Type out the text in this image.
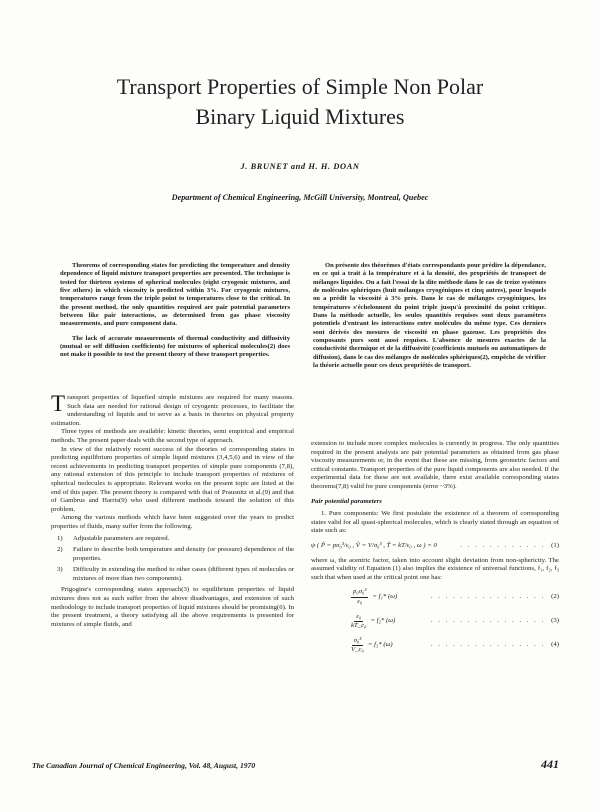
Transport Properties of Simple Non Polar
Binary Liquid Mixtures
J. BRUNET and H. H. DOAN
Department of Chemical Engineering, McGill University, Montreal, Quebec

Theorems of corresponding states for predicting the temperature and density dependence of liquid mixture transport properties are presented. The technique is tested for thirteen systems of spherical molecules (eight cryogenic mixtures, and five others) in which viscosity is predicted within 3%. For cryogenic mixtures, temperatures range from the triple point to temperatures close to the critical. In the present method, the only quantities required are pair potential parameters between like pair interactions, as determined from gas phase viscosity measurements, and pure component data.

The lack of accurate measurements of thermal conductivity and diffusivity (mutual or self diffusion coefficients) for mixtures of spherical molecules(2) does not make it possible to test the present theory of these transport properties.

On présente des théorèmes d'états correspondants pour prédire la dépendance, en ce qui a trait à la température et à la densité, des propriétés de transport de mélanges liquides. On a fait l'essai de la dite méthode dans le cas de treize systèmes de molécules sphériques (huit mélanges cryogéniques et cinq autres), pour lesquels on a prédit la viscosité à 3% près. Dans le cas de mélanges cryogéniques, les températures s'échelonnent du point triple jusqu'à proximité du point critique. Dans la méthode actuelle, les seules quantités requises sont deux paramètres potentiels d'entrant les interactions entre molécules du même type. Ces derniers sont dérivés des mesures de viscosité en phase gazeuse. Les propriétés des composants purs sont aussi requises. L'absence de mesures exactes de la conductivité thermique et de la diffusivité (coefficients mutuels ou automatiques de diffusion), dans le cas des mélanges de molécules sphériques(2), empêche de vérifier la théorie actuelle pour ces deux propriétés de transport.

Transport properties of liquefied simple mixtures are required for many reasons. Such data are needed for rational design of cryogenic processes, to facilitate the understanding of liquids and to serve as a basis in theories on physical property estimation.

Three types of methods are available: kinetic theories, semi empirical and empirical methods. The present paper deals with the second type of approach.

In view of the relatively recent success of the theories of corresponding states in predicting equilibrium properties of simple liquid mixtures (3,4,5,6) and in view of the recent achievements in predicting transport properties of simple pure components (7,8), any rational extension of this principle to include transport properties of mixtures of spherical molecules is appropriate. Relevant works on the present topic are listed at the end of this paper. The present theory is compared with that of Prausnitz et al.(9) and that of Gambrus and Harris(9) who used different methods toward the solution of this problem.

Among the various methods which have been suggested over the years to predict properties of fluids, many suffer from the following.

1)	Adjustable parameters are required.
2)	Failure to describe both temperature and density (or pressure) dependence of the properties.
3)	Difficulty in extending the method to other cases (different types of molecules or mixtures of more than two components).

Prigogine's corresponding states approach(3) to equilibrium properties of liquid mixtures does not as such suffer from the above disadvantages, and extension of such methodology to include transport properties of liquid mixtures should be promising(6). In the present treatment, a theory satisfying all the above requirements is presented for mixtures of simple fluids, and

extension to include more complex molecules is currently in progress. The only quantities required in the present analysis are pair potential parameters as obtained from gas phase viscosity measurements or, in the event that these are missing, from geometric factors and critical constants. Transport properties of the pure liquid components are also needed. If the experimental data for these are not available, there exist available corresponding states theorems(7,8) valid for pure components (error ~3%).

Pair potential parameters

1. Pure components: We first postulate the existence of a theorem of corresponding states valid for all quasi-spherical molecules, which is clearly stated through an equation of state such as:

ψ ( P̃ = pσ₀³/ε₀ , Ṽ = V/σ₀³ , T̃ = kT/ε₀ , ω ) = 0	. . . . . . . . . . . . (1)

where ω, the acentric factor, taken into account slight deviation from non-sphericity. The assumed validity of Equation (1) also implies the existence of universal functions, f₁, f₂, f₃ such that when used at the critical point one has:

$\frac{\text{p₀σ₀³}}{\text{ε₀}} = f_1*$ (ω)	. . . . . . . . . . . . . . . . (2)
$\frac{\text{ε₀}}{\text{kT\_c₀}} = f_2*$ (ω)	. . . . . . . . . . . . . . . . (3)
$\frac{\text{σ₀³}}{\text{V\_c₀}} = f_3*$ (ω)	. . . . . . . . . . . . . . . . (4)
The Canadian Journal of Chemical Engineering, Vol. 48, August, 1970	441
